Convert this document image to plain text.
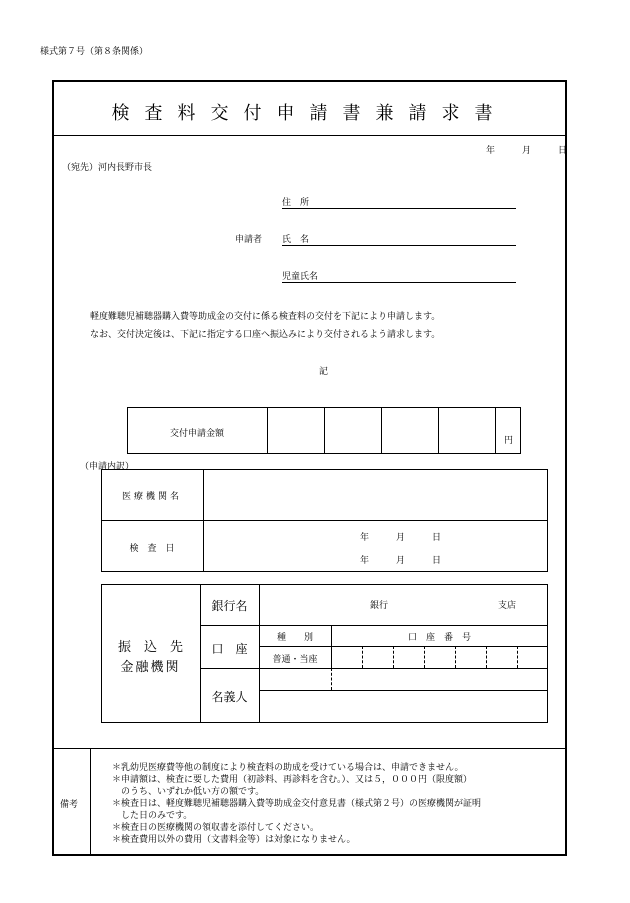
様式第７号（第８条関係）
検査料交付申請書兼請求書
年	月	日
（宛先）河内長野市長
住　所
申請者 氏　名
児童氏名
軽度難聴児補聴器購入費等助成金の交付に係る検査料の交付を下記により申請します。
なお、交付決定後は、下記に指定する口座へ振込みにより交付されるよう請求します。
記
交付申請金額
円
（申請内訳）
医療機関名
検　査　日
年	月	日
年	月	日
振　込　先
金融機関
銀行名	銀行	支店
口　座
種　　別	口　座　番　号
普通・当座
名義人
備考
＊乳幼児医療費等他の制度により検査料の助成を受けている場合は、申請できません。
＊申請額は、検査に要した費用（初診料、再診料を含む。）、又は５，０００円（限度額）
　のうち、いずれか低い方の額です。
＊検査日は、軽度難聴児補聴器購入費等助成金交付意見書（様式第２号）の医療機関が証明
　した日のみです。
＊検査日の医療機関の領収書を添付してください。
＊検査費用以外の費用（文書料金等）は対象になりません。
